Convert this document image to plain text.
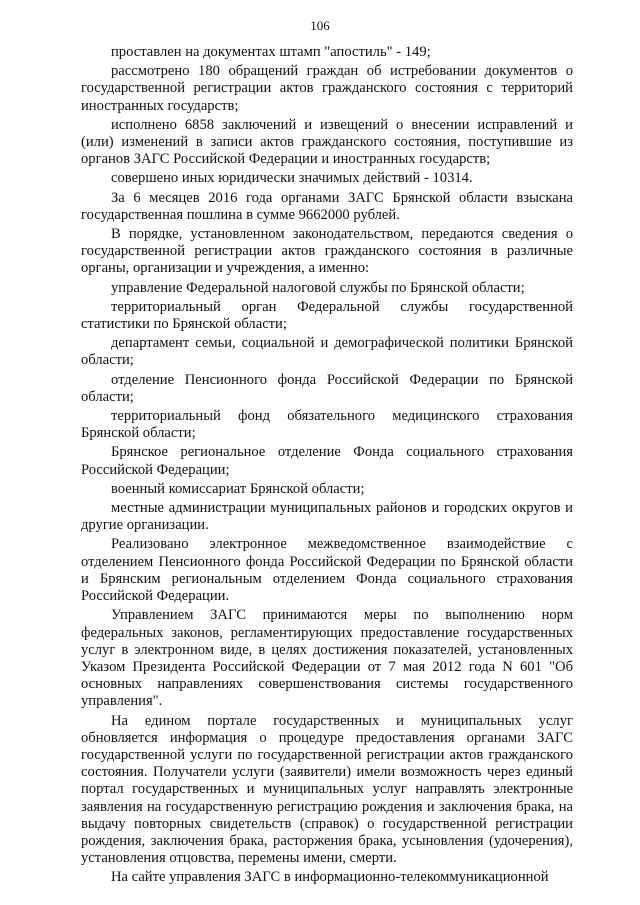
106

проставлен на документах штамп "апостиль" - 149;

рассмотрено 180 обращений граждан об истребовании документов о государственной регистрации актов гражданского состояния с территорий иностранных государств;

исполнено 6858 заключений и извещений о внесении исправлений и (или) изменений в записи актов гражданского состояния, поступившие из органов ЗАГС Российской Федерации и иностранных государств;

совершено иных юридически значимых действий - 10314.

За 6 месяцев 2016 года органами ЗАГС Брянской области взыскана государственная пошлина в сумме 9662000 рублей.

В порядке, установленном законодательством, передаются сведения о государственной регистрации актов гражданского состояния в различные органы, организации и учреждения, а именно:

управление Федеральной налоговой службы по Брянской области;

территориальный орган Федеральной службы государственной статистики по Брянской области;

департамент семьи, социальной и демографической политики Брянской области;

отделение Пенсионного фонда Российской Федерации по Брянской области;

территориальный фонд обязательного медицинского страхования Брянской области;

Брянское региональное отделение Фонда социального страхования Российской Федерации;

военный комиссариат Брянской области;

местные администрации муниципальных районов и городских округов и другие организации.

Реализовано электронное межведомственное взаимодействие с отделением Пенсионного фонда Российской Федерации по Брянской области и Брянским региональным отделением Фонда социального страхования Российской Федерации.

Управлением ЗАГС принимаются меры по выполнению норм федеральных законов, регламентирующих предоставление государственных услуг в электронном виде, в целях достижения показателей, установленных Указом Президента Российской Федерации от 7 мая 2012 года N 601 "Об основных направлениях совершенствования системы государственного управления".

На едином портале государственных и муниципальных услуг обновляется информация о процедуре предоставления органами ЗАГС государственной услуги по государственной регистрации актов гражданского состояния. Получатели услуги (заявители) имели возможность через единый портал государственных и муниципальных услуг направлять электронные заявления на государственную регистрацию рождения и заключения брака, на выдачу повторных свидетельств (справок) о государственной регистрации рождения, заключения брака, расторжения брака, усыновления (удочерения), установления отцовства, перемены имени, смерти.

На сайте управления ЗАГС в информационно-телекоммуникационной
